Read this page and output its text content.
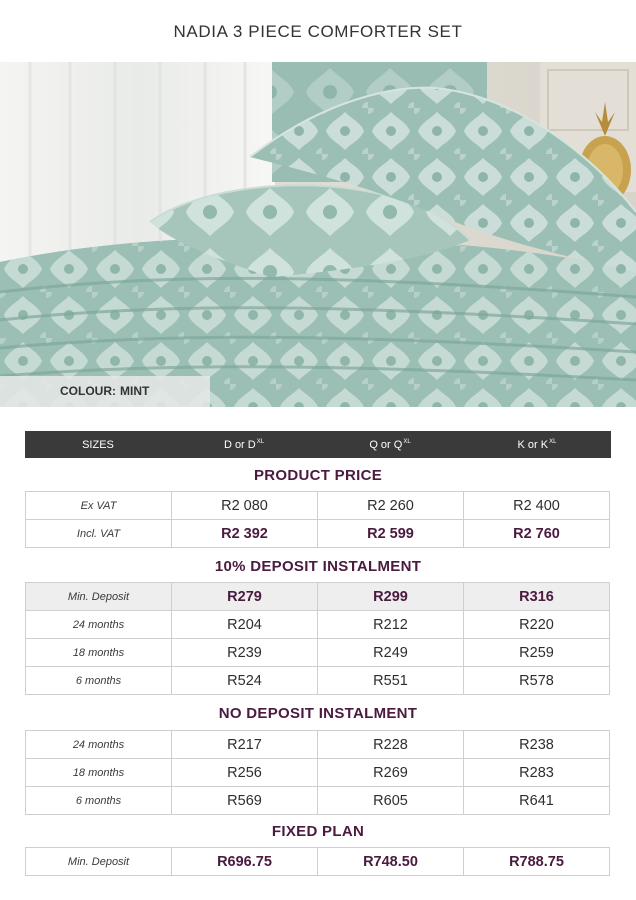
NADIA 3 PIECE COMFORTER SET
COLOUR: MINT
SIZES	D or $D^{XL}$	Q or $Q^{XL}$	K or $K^{XL}$
PRODUCT PRICE
Ex VAT	R2 080	R2 260	R2 400
Incl. VAT	R2 392	R2 599	R2 760
10% DEPOSIT INSTALMENT
Min. Deposit	R279	R299	R316
24 months	R204	R212	R220
18 months	R239	R249	R259
6 months	R524	R551	R578
NO DEPOSIT INSTALMENT
24 months	R217	R228	R238
18 months	R256	R269	R283
6 months	R569	R605	R641
FIXED PLAN
Min. Deposit	R696.75	R748.50	R788.75
